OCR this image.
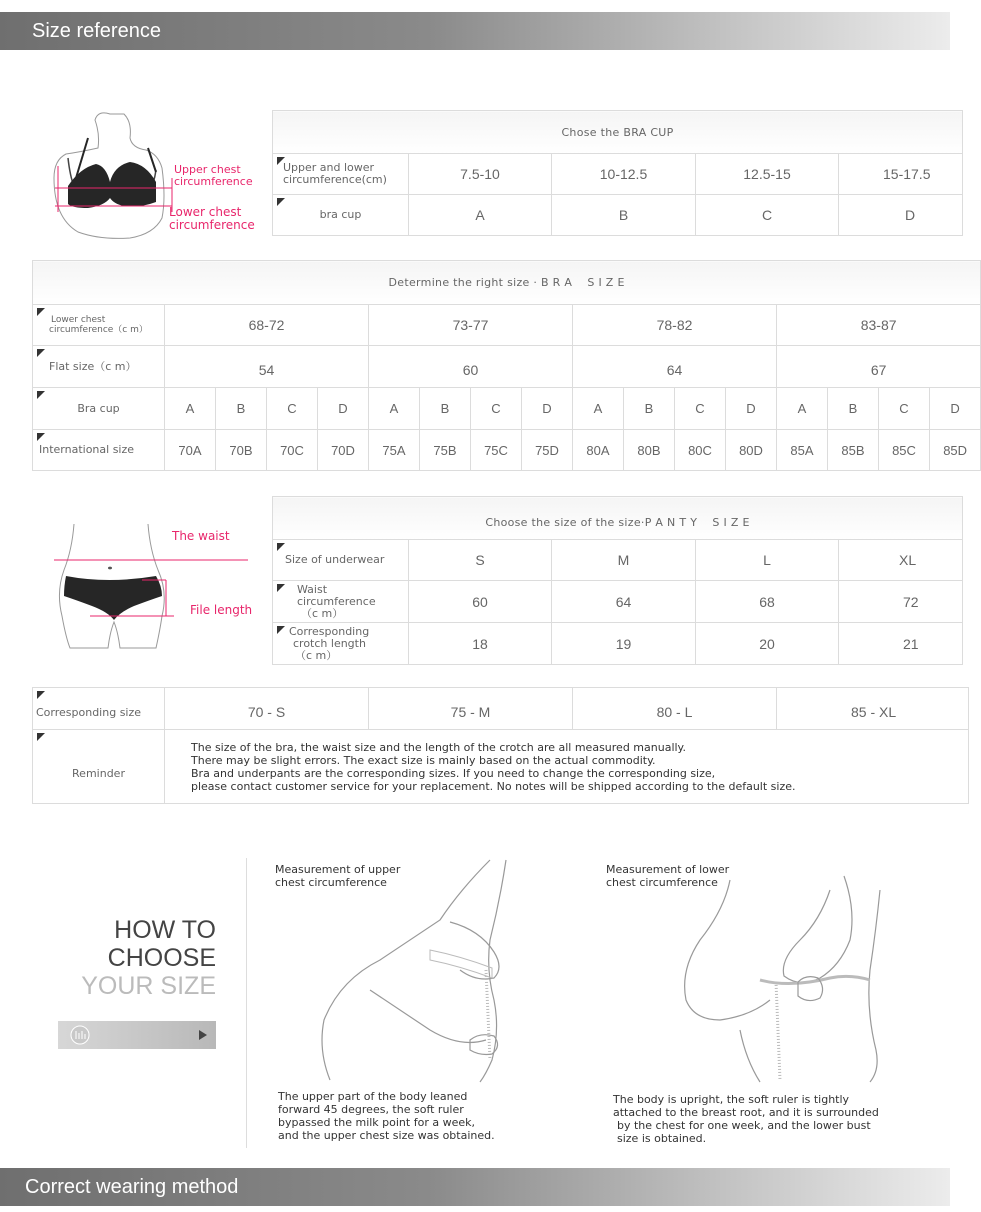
Size reference
Upper chest
circumference
Lower chest
circumference
Chose the BRA CUP				

Upper and lower
circumference(cm)	7.5-10	10-12.5	12.5-15	15-17.5

bra cup	A	B	C	D
Determine the right size · B R A    S I Z E																

Lower chest
circumference（c m）	68-72				73-77				78-82				83-87			

Flat size（c m）	54				60				64				67			

Bra cup	A	B	C	D	A	B	C	D	A	B	C	D	A	B	C	D

International size	70A	70B	70C	70D	75A	75B	75C	75D	80A	80B	80C	80D	85A	85B	85C	85D
The waist
File length
Choose the size of the size·P A N T Y    S I Z E				

Size of underwear	S	M	L	XL

Waist
circumference
（c m）	60	64	68	72

Corresponding
crotch length
（c m）	18	19	20	21
Corresponding size	70 - S	75 - M	80 - L	85 - XL

Reminder	The size of the bra, the waist size and the length of the crotch are all measured manually.
There may be slight errors. The exact size is mainly based on the actual commodity.
Bra and underpants are the corresponding sizes. If you need to change the corresponding size,
please contact customer service for your replacement. No notes will be shipped according to the default size.			
HOW TO
CHOOSE
YOUR SIZE
Measurement of upper
chest circumference
The upper part of the body leaned
forward 45 degrees, the soft ruler
bypassed the milk point for a week,
and the upper chest size was obtained.
Measurement of lower
chest circumference
The body is upright, the soft ruler is tightly
attached to the breast root, and it is surrounded
by the chest for one week, and the lower bust
size is obtained.
Correct wearing method
